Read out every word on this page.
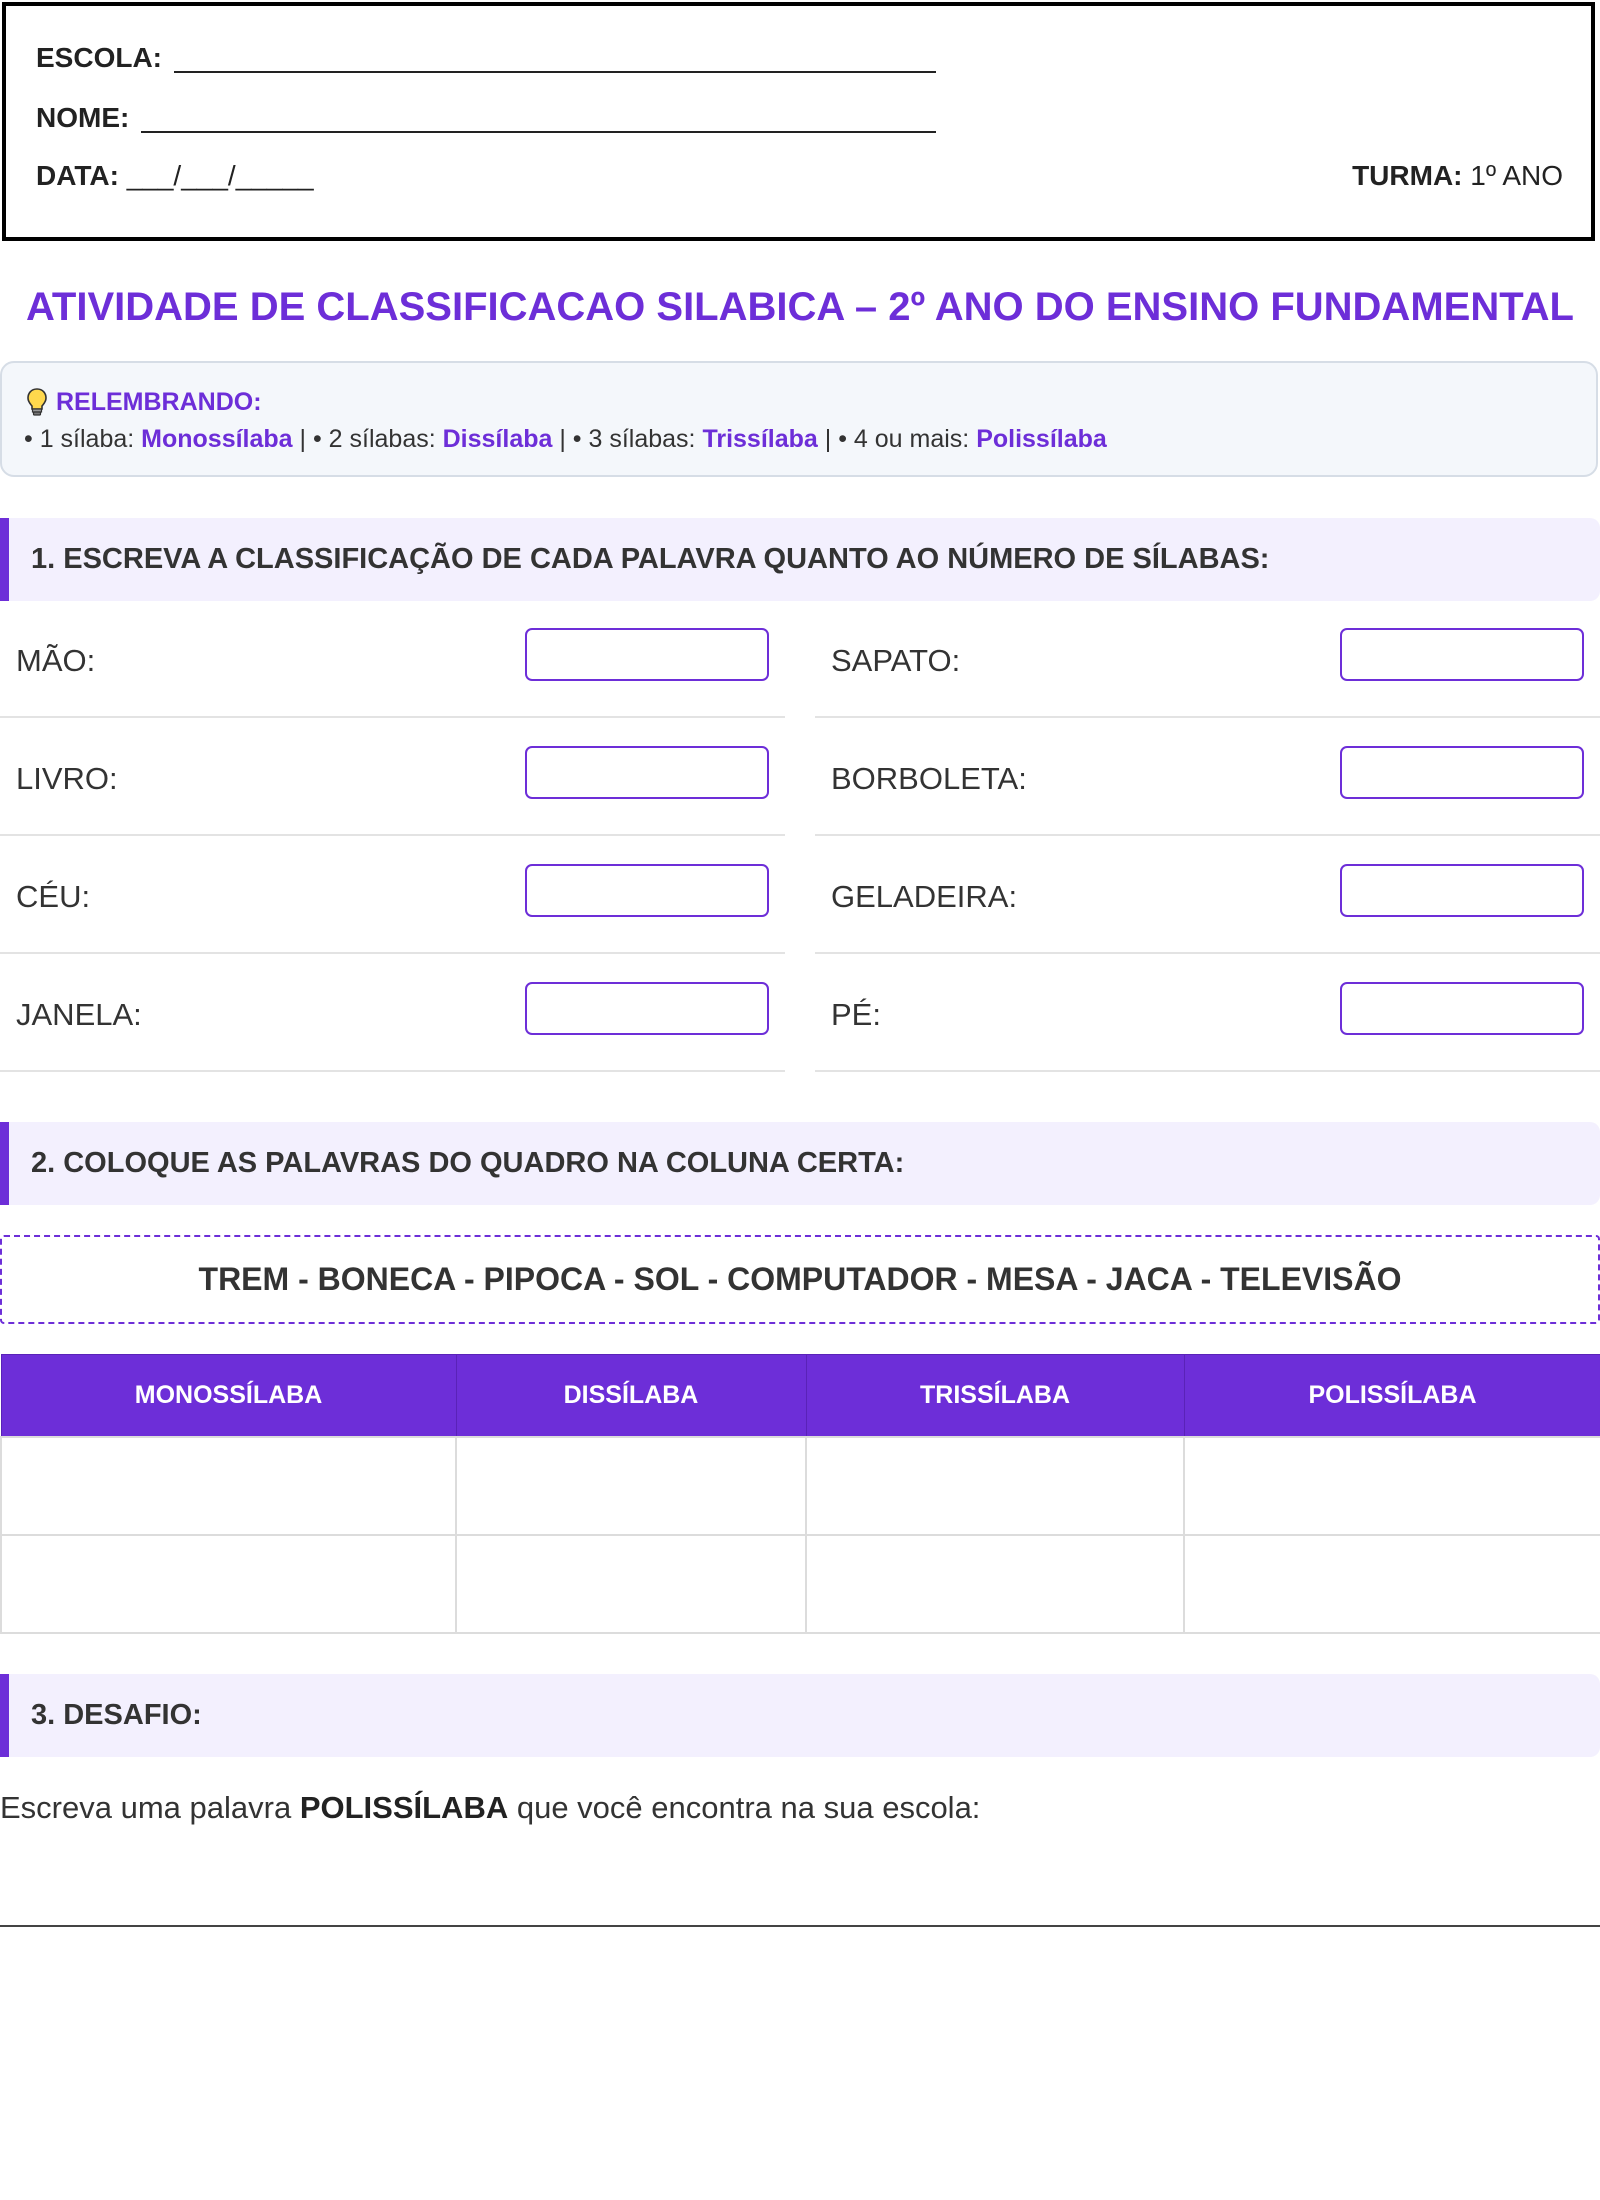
ESCOLA:
NOME:
DATA: ___/___/_____	TURMA: 1º ANO
ATIVIDADE DE CLASSIFICACAO SILABICA – 2º ANO DO ENSINO FUNDAMENTAL
RELEMBRANDO:
• 1 sílaba: Monossílaba | • 2 sílabas: Dissílaba | • 3 sílabas: Trissílaba | • 4 ou mais: Polissílaba
1. ESCREVA A CLASSIFICAÇÃO DE CADA PALAVRA QUANTO AO NÚMERO DE SÍLABAS:
MÃO:	SAPATO:
LIVRO:	BORBOLETA:
CÉU:	GELADEIRA:
JANELA:	PÉ:
2. COLOQUE AS PALAVRAS DO QUADRO NA COLUNA CERTA:
TREM - BONECA - PIPOCA - SOL - COMPUTADOR - MESA - JACA - TELEVISÃO
MONOSSÍLABA	DISSÍLABA	TRISSÍLABA	POLISSÍLABA

3. DESAFIO:
Escreva uma palavra POLISSÍLABA que você encontra na sua escola:
